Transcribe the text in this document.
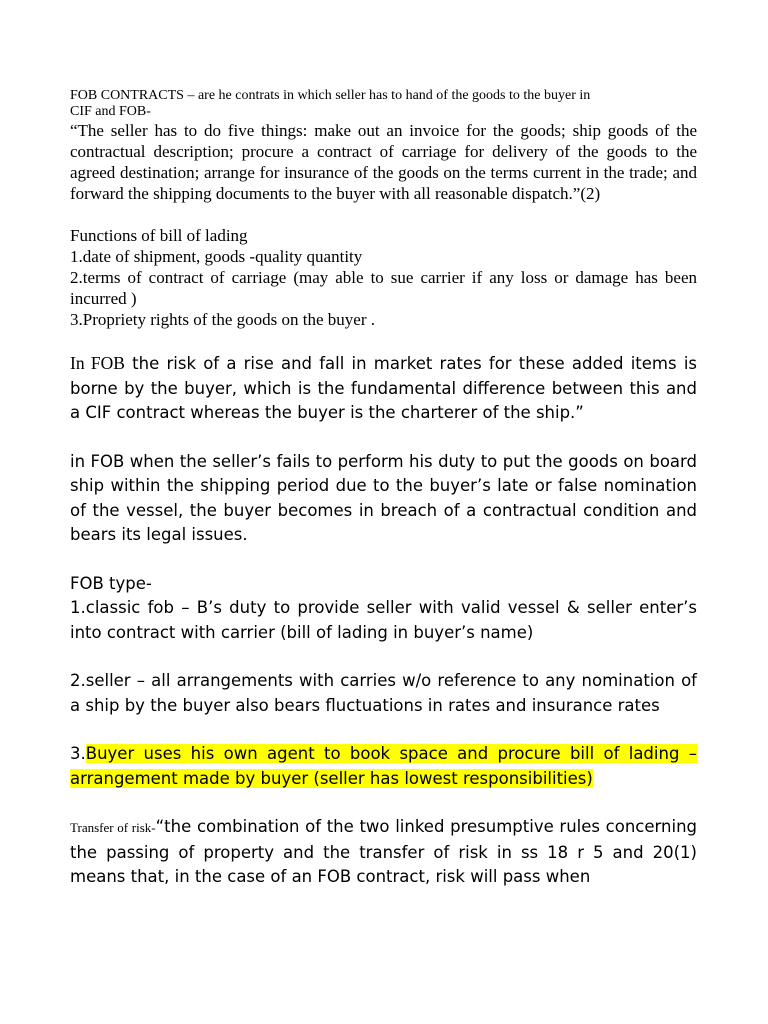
FOB CONTRACTS – are he contrats in which seller has to hand of the goods to the buyer in

CIF and FOB-

“The seller has to do five things: make out an invoice for the goods; ship goods of the contractual description; procure a contract of carriage for delivery of the goods to the agreed destination; arrange for insurance of the goods on the terms current in the trade; and forward the shipping documents to the buyer with all reasonable dispatch.”(2)

Functions of bill of lading

1.date of shipment, goods -quality quantity

2.terms of contract of carriage (may able to sue carrier if any loss or damage has been incurred )

3.Propriety rights of the goods on the buyer .

In FOB the risk of a rise and fall in market rates for these added items is borne by the buyer, which is the fundamental difference between this and a CIF contract whereas the buyer is the charterer of the ship.”

in FOB when the seller’s fails to perform his duty to put the goods on board ship within the shipping period due to the buyer’s late or false nomination of the vessel, the buyer becomes in breach of a contractual condition and bears its legal issues.

FOB type-

1.classic fob – B’s duty to provide seller with valid vessel & seller enter’s into contract with carrier (bill of lading in buyer’s name)

2.seller – all arrangements with carries w/o reference to any nomination of a ship by the buyer also bears fluctuations in rates and insurance rates

3.Buyer uses his own agent to book space and procure bill of lading – arrangement made by buyer (seller has lowest responsibilities)

Transfer of risk-“the combination of the two linked presumptive rules concerning the passing of property and the transfer of risk in ss 18 r 5 and 20(1) means that, in the case of an FOB contract, risk will pass when
